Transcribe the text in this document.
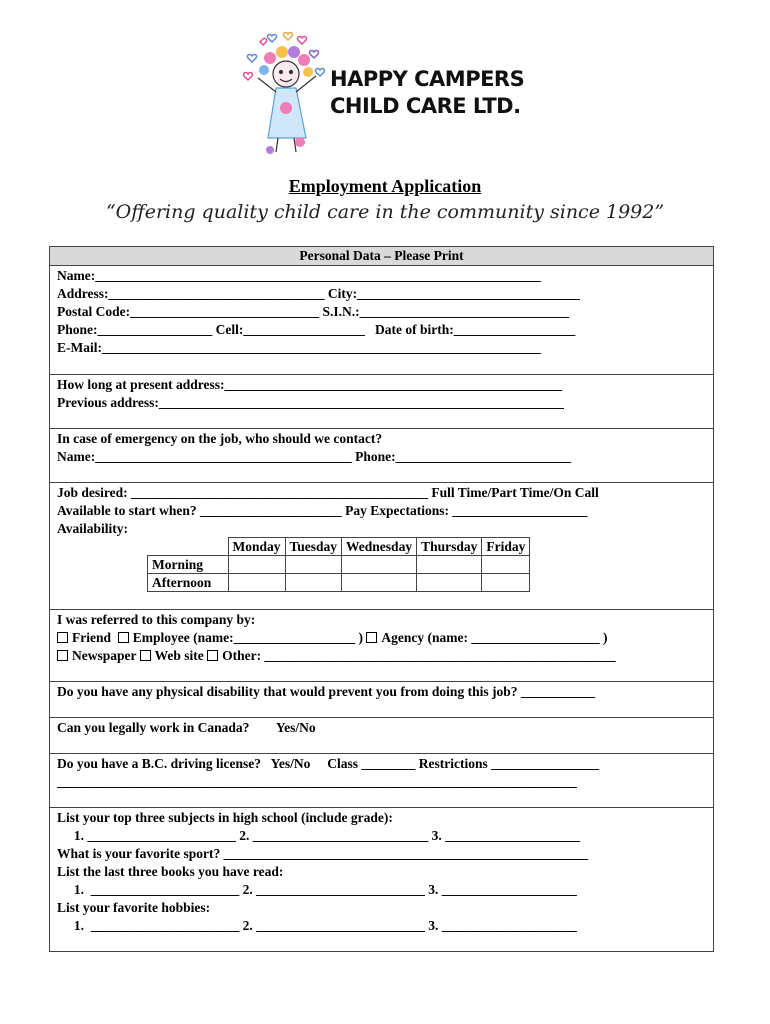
HAPPY CAMPERS
CHILD CARE LTD.
Employment Application
“Offering quality child care in the community since 1992”
Personal Data – Please Print
Name:__________________________________________________________________
Address:________________________________ City:_________________________________
Postal Code:____________________________ S.I.N.:_______________________________
Phone:_________________ Cell:__________________   Date of birth:__________________
E-Mail:_________________________________________________________________
How long at present address:__________________________________________________
Previous address:____________________________________________________________
In case of emergency on the job, who should we contact?
Name:______________________________________ Phone:__________________________
Job desired: ____________________________________________ Full Time/Part Time/On Call
Available to start when? _____________________ Pay Expectations: ____________________
Availability:
	Monday	Tuesday	Wednesday	Thursday	Friday
Morning					
Afternoon					
I was referred to this company by:
Friend Employee (name:__________________ ) Agency (name: ___________________ )
Newspaper Web site Other: ____________________________________________________
Do you have any physical disability that would prevent you from doing this job? ___________
Can you legally work in Canada?        Yes/No
Do you have a B.C. driving license?   Yes/No     Class ________ Restrictions ________________
_____________________________________________________________________________
List your top three subjects in high school (include grade):
1. ______________________ 2. __________________________ 3. ____________________
What is your favorite sport? ______________________________________________________
List the last three books you have read:
1.  ______________________ 2. _________________________ 3. ____________________
List your favorite hobbies:
1.  ______________________ 2. _________________________ 3. ____________________
